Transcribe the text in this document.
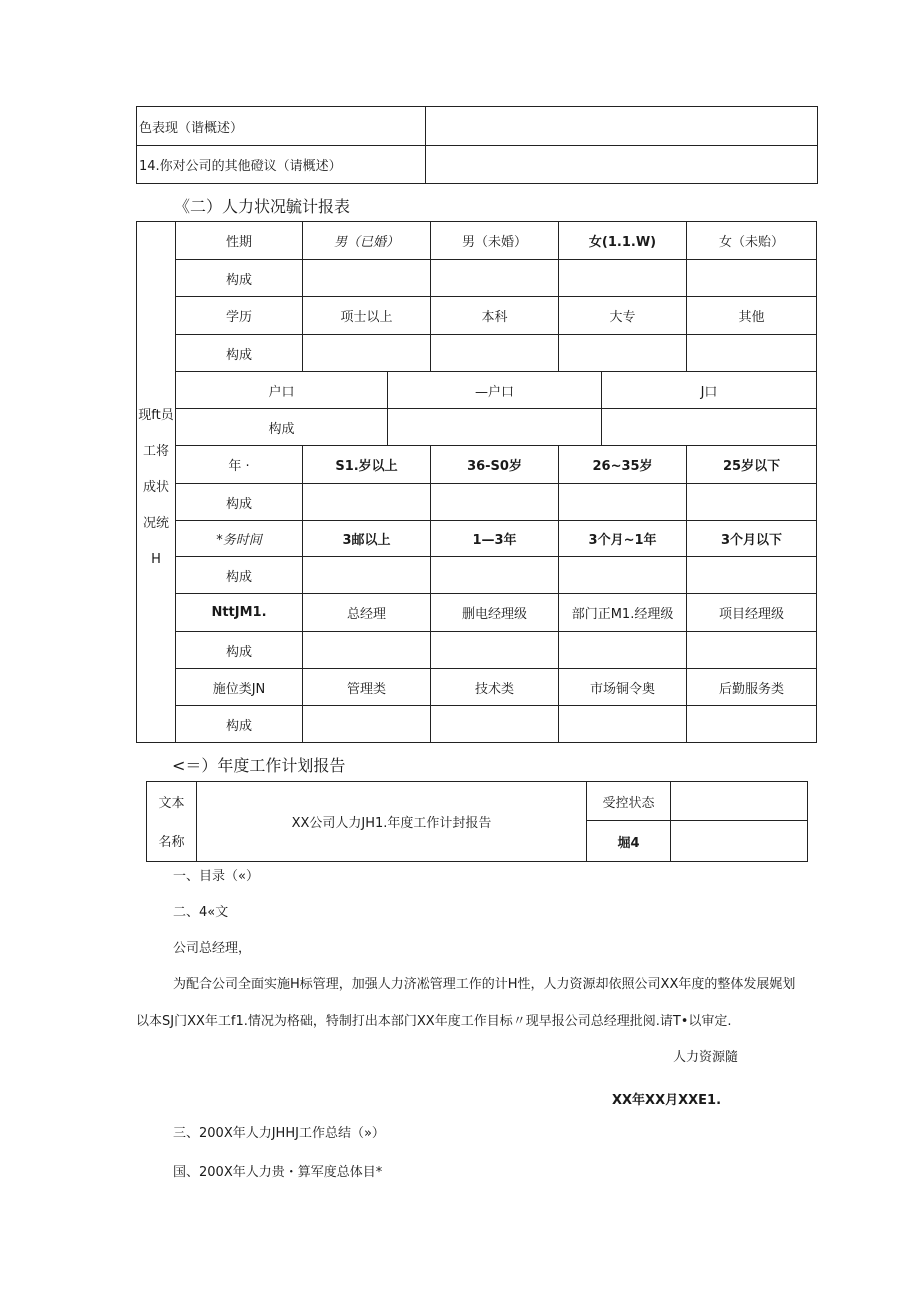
色表现（谐概述）	
14.你对公司的其他磴议（请概述）	
《二）人力状况毓计报表
现ft员
工将
成状
况统
H	性期	男（已婚）		男（未婚）	女(1.1.W)		女（未贻）
	构成						
	学历	项士以上		本科	大专		其他
	构成						
	户口		—户口			J口	
	构成						
	年 ·	S1.岁以上		36-S0岁	26~35岁		25岁以下
	构成						
	*务时间	3邮以上		1—3年	3个月~1年		3个月以下
	构成						
	NttJM1.	总经理		删电经理级	部门正M1.经理级		项目经理级
	构成						
	施位类JN	管理类		技术类	市场铜令奥		后勤服务类
	构成						
<＝）年度工作计划报告
文本	XX公司人力JH1.年度工作计封报告	受控状态	
名称		堀4	
一、目录（«）
二、4«文
公司总经理，
为配合公司全面实施H标管理，加强人力济凇管理工作的计H性，人力资源却依照公司XX年度的整体发展娓划
以本SJ门XX年工f1.情况为格础，特制打出本部门XX年度工作目标〃现早报公司总经理批阅.请T•以审定.
人力资源隨
XX年XX月XXE1.
三、200X年人力JHHJ工作总结（»）
国、200X年人力贵・算军度总体目*
